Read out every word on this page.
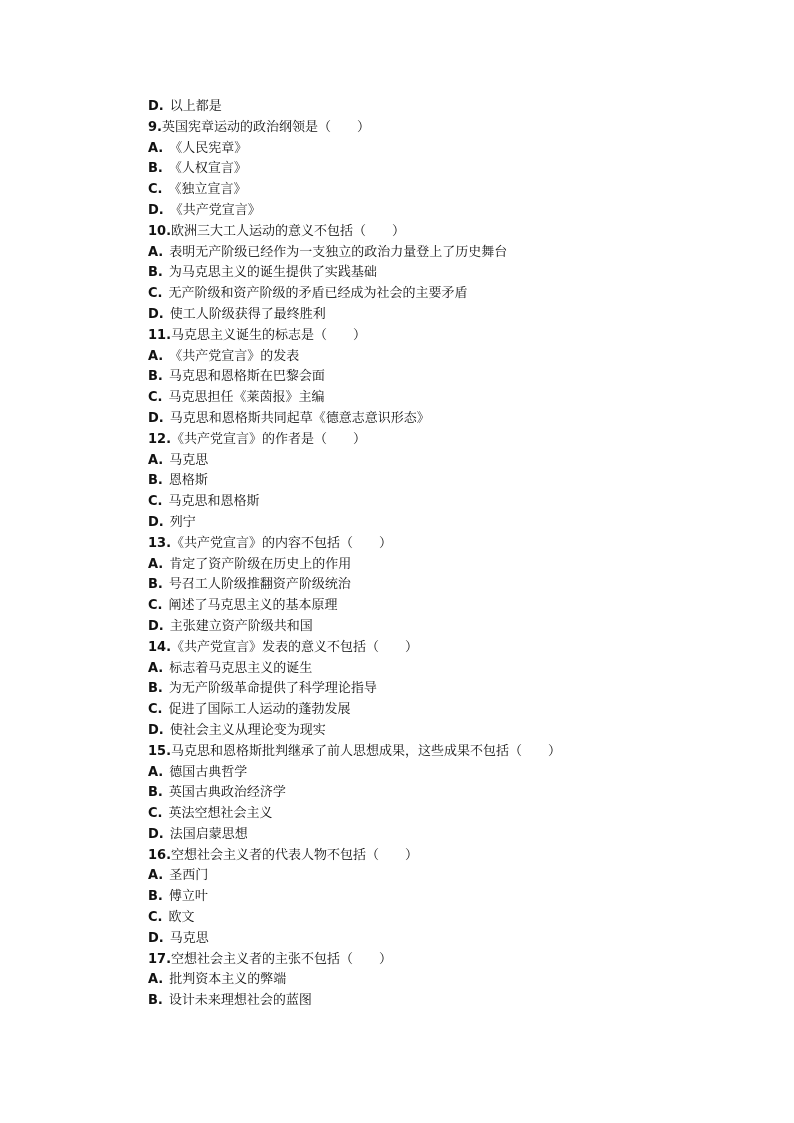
D. 以上都是
9.英国宪章运动的政治纲领是（　　）
A. 《人民宪章》
B. 《人权宣言》
C. 《独立宣言》
D. 《共产党宣言》
10.欧洲三大工人运动的意义不包括（　　）
A. 表明无产阶级已经作为一支独立的政治力量登上了历史舞台
B. 为马克思主义的诞生提供了实践基础
C. 无产阶级和资产阶级的矛盾已经成为社会的主要矛盾
D. 使工人阶级获得了最终胜利
11.马克思主义诞生的标志是（　　）
A. 《共产党宣言》的发表
B. 马克思和恩格斯在巴黎会面
C. 马克思担任《莱茵报》主编
D. 马克思和恩格斯共同起草《德意志意识形态》
12.《共产党宣言》的作者是（　　）
A. 马克思
B. 恩格斯
C. 马克思和恩格斯
D. 列宁
13.《共产党宣言》的内容不包括（　　）
A. 肯定了资产阶级在历史上的作用
B. 号召工人阶级推翻资产阶级统治
C. 阐述了马克思主义的基本原理
D. 主张建立资产阶级共和国
14.《共产党宣言》发表的意义不包括（　　）
A. 标志着马克思主义的诞生
B. 为无产阶级革命提供了科学理论指导
C. 促进了国际工人运动的蓬勃发展
D. 使社会主义从理论变为现实
15.马克思和恩格斯批判继承了前人思想成果，这些成果不包括（　　）
A. 德国古典哲学
B. 英国古典政治经济学
C. 英法空想社会主义
D. 法国启蒙思想
16.空想社会主义者的代表人物不包括（　　）
A. 圣西门
B. 傅立叶
C. 欧文
D. 马克思
17.空想社会主义者的主张不包括（　　）
A. 批判资本主义的弊端
B. 设计未来理想社会的蓝图
